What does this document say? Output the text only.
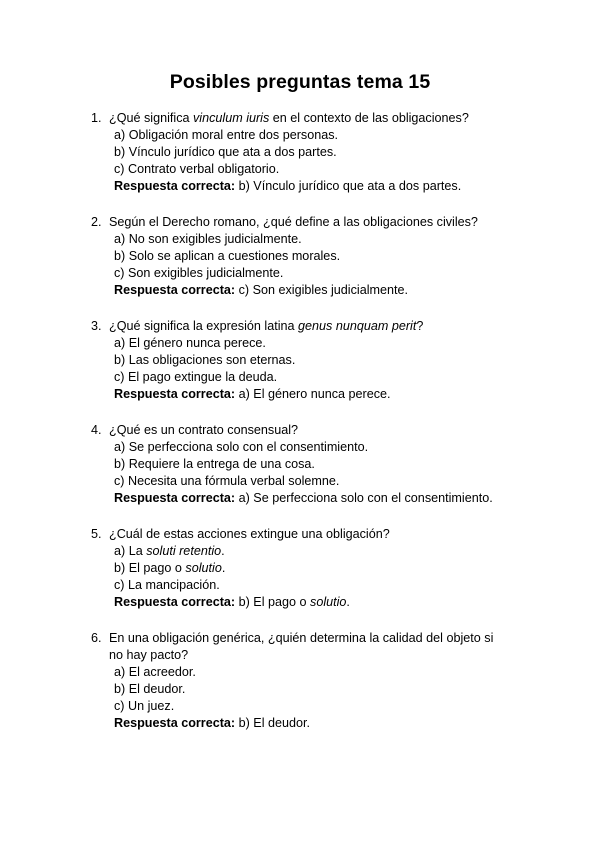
Posibles preguntas tema 15
1. ¿Qué significa vinculum iuris en el contexto de las obligaciones?
a) Obligación moral entre dos personas.
b) Vínculo jurídico que ata a dos partes.
c) Contrato verbal obligatorio.
Respuesta correcta: b) Vínculo jurídico que ata a dos partes.
2. Según el Derecho romano, ¿qué define a las obligaciones civiles?
a) No son exigibles judicialmente.
b) Solo se aplican a cuestiones morales.
c) Son exigibles judicialmente.
Respuesta correcta: c) Son exigibles judicialmente.
3. ¿Qué significa la expresión latina genus nunquam perit?
a) El género nunca perece.
b) Las obligaciones son eternas.
c) El pago extingue la deuda.
Respuesta correcta: a) El género nunca perece.
4. ¿Qué es un contrato consensual?
a) Se perfecciona solo con el consentimiento.
b) Requiere la entrega de una cosa.
c) Necesita una fórmula verbal solemne.
Respuesta correcta: a) Se perfecciona solo con el consentimiento.
5. ¿Cuál de estas acciones extingue una obligación?
a) La soluti retentio.
b) El pago o solutio.
c) La mancipación.
Respuesta correcta: b) El pago o solutio.
6. En una obligación genérica, ¿quién determina la calidad del objeto si no hay pacto?
a) El acreedor.
b) El deudor.
c) Un juez.
Respuesta correcta: b) El deudor.
